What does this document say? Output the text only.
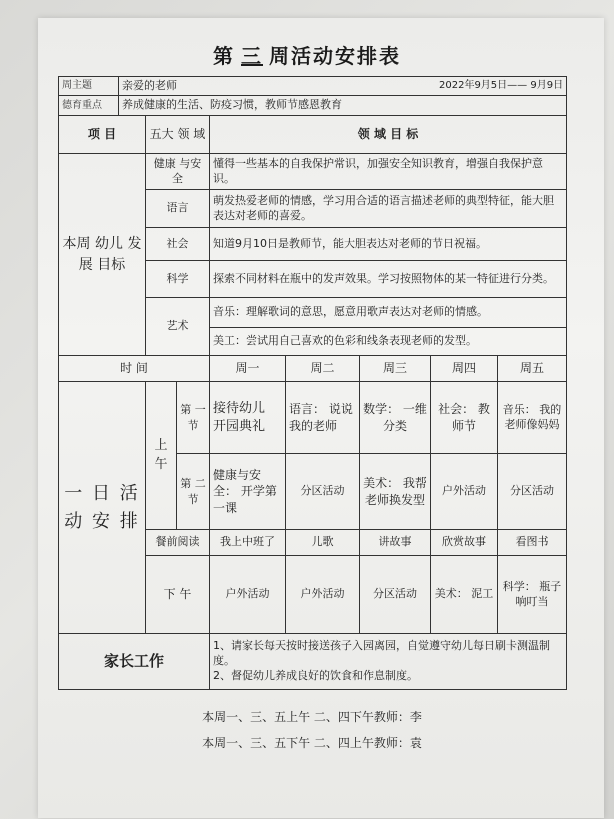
第 三 周活动安排表
周主题	亲爱的老师 2022年9月5日—— 9月9日							

德育重点	养成健康的生活、防疫习惯，教师节感恩教育							
项 目		五大 领 域		领 域 目 标				
本周 幼儿 发展 目标		健康 与安全		懂得一些基本的自我保护常识，加强安全知识教育，增强自我保护意识。				
		语言		萌发热爱老师的情感，学习用合适的语言描述老师的典型特征，能大胆表达对老师的喜爱。				
		社会		知道9月10日是教师节，能大胆表达对老师的节日祝福。				
		科学		探索不同材料在瓶中的发声效果。学习按照物体的某一特征进行分类。				
		艺术		音乐：理解歌词的意思，愿意用歌声表达对老师的情感。				
				美工：尝试用自己喜欢的色彩和线条表现老师的发型。				
时 间				周一	周二	周三	周四	周五
一 日 活 动 安 排		上 午	第 一 节	接待幼儿 开园典礼	语言： 说说我的老师	数学： 一维分类	社会： 教师节	音乐： 我的老师像妈妈
			第 二 节	健康与安全： 开学第一课	分区活动	美术： 我帮老师换发型	户外活动	分区活动
		餐前阅读		我上中班了	儿歌	讲故事	欣赏故事	看图书
		下 午		户外活动	户外活动	分区活动	美术： 泥工	科学： 瓶子响叮当
家长工作				1、请家长每天按时接送孩子入园离园，自觉遵守幼儿每日刷卡测温制度。
2、督促幼儿养成良好的饮食和作息制度。				
本周一、三、五上午 二、四下午教师：李
本周一、三、五下午 二、四上午教师：袁
